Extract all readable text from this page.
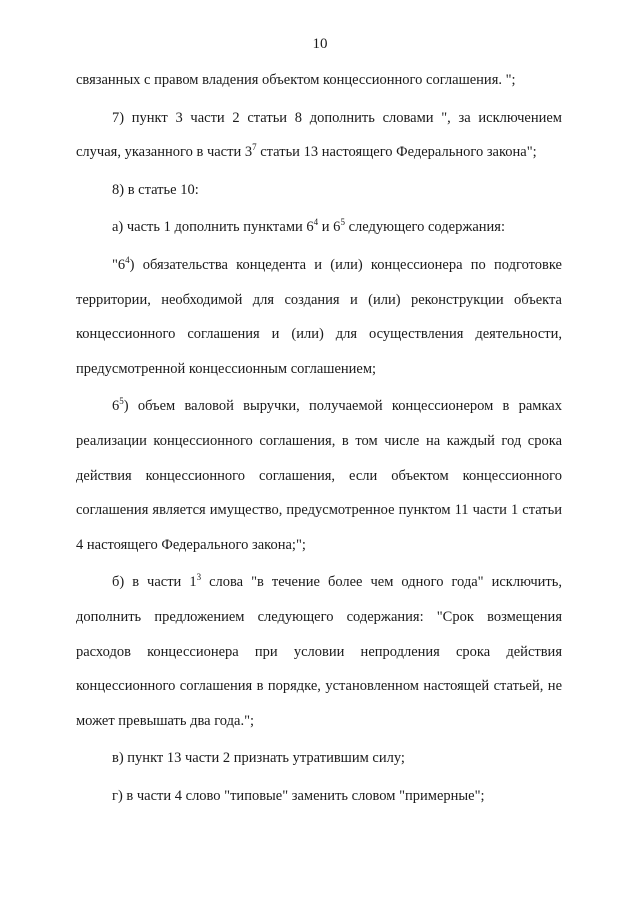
10

связанных с правом владения объектом концессионного соглашения. ";

7) пункт 3 части 2 статьи 8 дополнить словами ", за исключением случая, указанного в части $3^7$ статьи 13 настоящего Федерального закона";

8) в статье 10:

а) часть 1 дополнить пунктами $6^4$ и $6^5$ следующего содержания:

"$6^4$) обязательства концедента и (или) концессионера по подготовке территории, необходимой для создания и (или) реконструкции объекта концессионного соглашения и (или) для осуществления деятельности, предусмотренной концессионным соглашением;

$6^5$) объем валовой выручки, получаемой концессионером в рамках реализации концессионного соглашения, в том числе на каждый год срока действия концессионного соглашения, если объектом концессионного соглашения является имущество, предусмотренное пунктом 11 части 1 статьи 4 настоящего Федерального закона;";

б) в части $1^3$ слова "в течение более чем одного года" исключить, дополнить предложением следующего содержания: "Срок возмещения расходов концессионера при условии непродления срока действия концессионного соглашения в порядке, установленном настоящей статьей, не может превышать два года.";

в) пункт 13 части 2 признать утратившим силу;

г) в части 4 слово "типовые" заменить словом "примерные";
